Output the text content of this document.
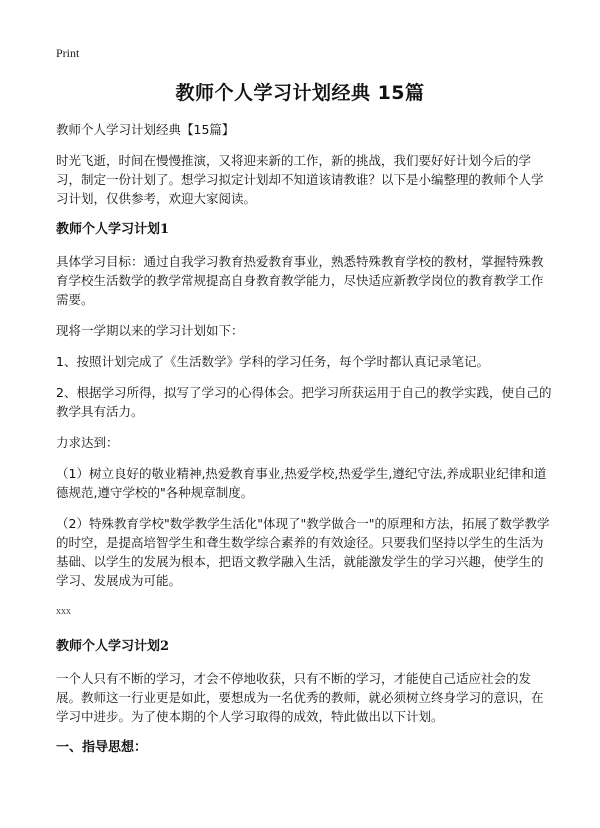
Print
教师个人学习计划经典 15篇

教师个人学习计划经典【15篇】

时光飞逝，时间在慢慢推演，又将迎来新的工作，新的挑战，我们要好好计划今后的学习，制定一份计划了。想学习拟定计划却不知道该请教谁？以下是小编整理的教师个人学习计划，仅供参考，欢迎大家阅读。

教师个人学习计划1

具体学习目标：通过自我学习教育热爱教育事业，熟悉特殊教育学校的教材，掌握特殊教育学校生活数学的教学常规提高自身教育教学能力，尽快适应新教学岗位的教育教学工作需要。

现将一学期以来的学习计划如下：

1、按照计划完成了《生活数学》学科的学习任务，每个学时都认真记录笔记。

2、根据学习所得，拟写了学习的心得体会。把学习所获运用于自己的教学实践，使自己的教学具有活力。

力求达到：

（1）树立良好的敬业精神,热爱教育事业,热爱学校,热爱学生,遵纪守法,养成职业纪律和道德规范,遵守学校的"各种规章制度。

（2）特殊教育学校"数学教学生活化"体现了"教学做合一"的原理和方法，拓展了数学教学的时空，是提高培智学生和聋生数学综合素养的有效途径。只要我们坚持以学生的生活为基础、以学生的发展为根本，把语文教学融入生活，就能激发学生的学习兴趣，使学生的学习、发展成为可能。

xxx

教师个人学习计划2

一个人只有不断的学习，才会不停地收获，只有不断的学习，才能使自己适应社会的发展。教师这一行业更是如此，要想成为一名优秀的教师，就必须树立终身学习的意识，在学习中进步。为了使本期的个人学习取得的成效，特此做出以下计划。

一、指导思想：
